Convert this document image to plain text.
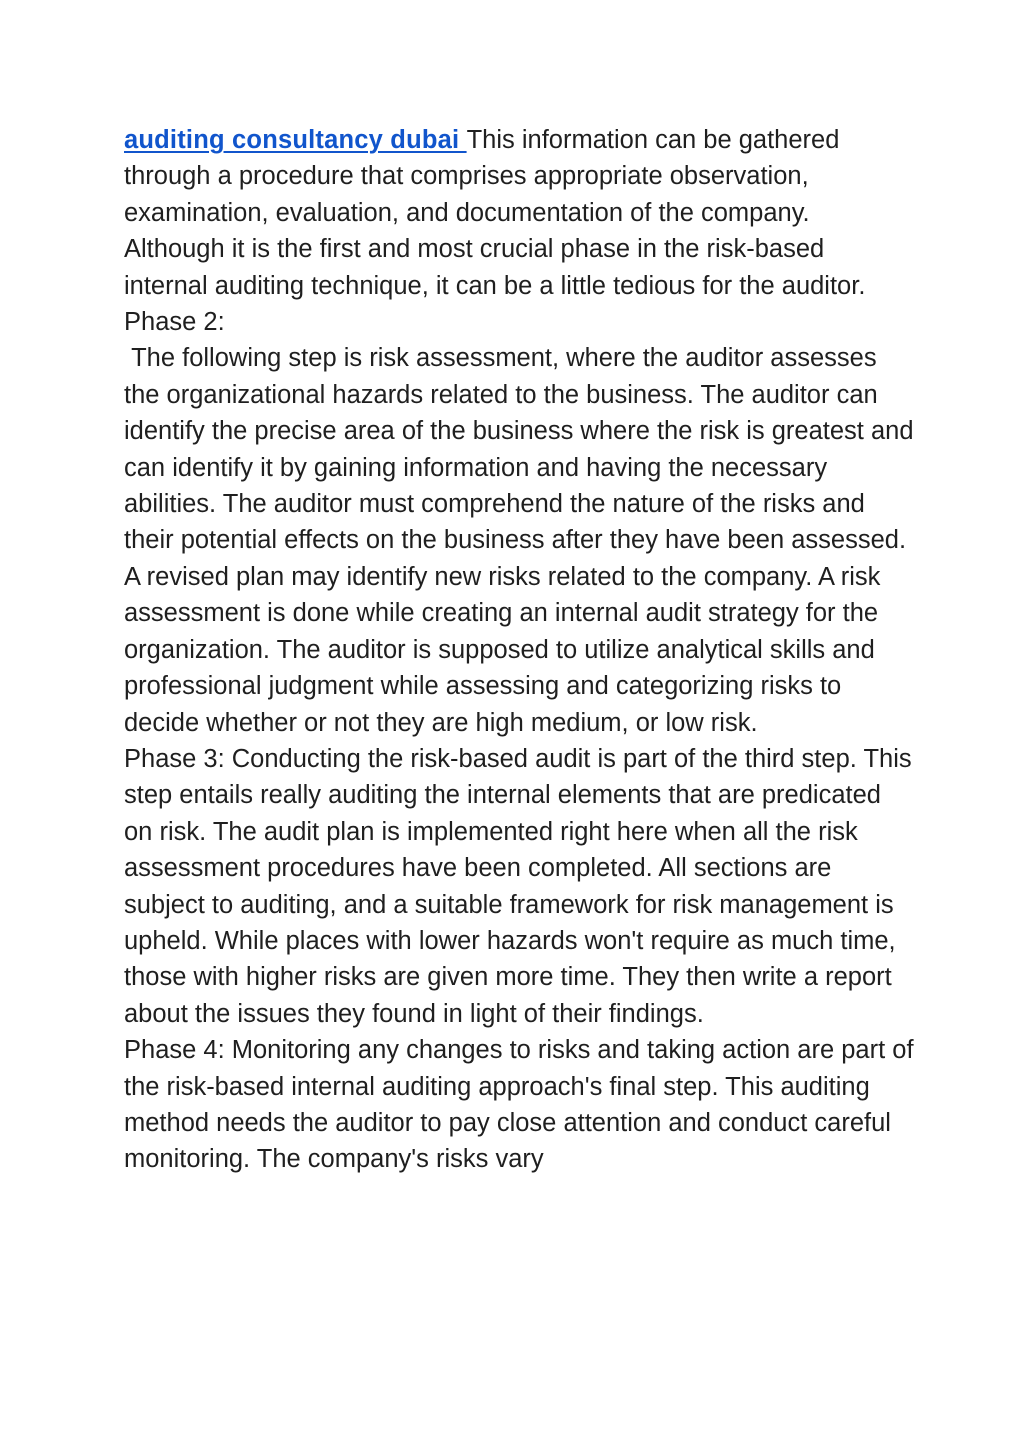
auditing consultancy dubai This information can be gathered through a procedure that comprises appropriate observation, examination, evaluation, and documentation of the company. Although it is the first and most crucial phase in the risk-based internal auditing technique, it can be a little tedious for the auditor.

Phase 2:

The following step is risk assessment, where the auditor assesses the organizational hazards related to the business. The auditor can identify the precise area of the business where the risk is greatest and can identify it by gaining information and having the necessary abilities. The auditor must comprehend the nature of the risks and their potential effects on the business after they have been assessed. A revised plan may identify new risks related to the company. A risk assessment is done while creating an internal audit strategy for the organization. The auditor is supposed to utilize analytical skills and professional judgment while assessing and categorizing risks to decide whether or not they are high medium, or low risk.

Phase 3: Conducting the risk-based audit is part of the third step. This step entails really auditing the internal elements that are predicated on risk. The audit plan is implemented right here when all the risk assessment procedures have been completed. All sections are subject to auditing, and a suitable framework for risk management is upheld. While places with lower hazards won't require as much time, those with higher risks are given more time. They then write a report about the issues they found in light of their findings.

Phase 4: Monitoring any changes to risks and taking action are part of the risk-based internal auditing approach's final step. This auditing method needs the auditor to pay close attention and conduct careful monitoring. The company's risks vary
